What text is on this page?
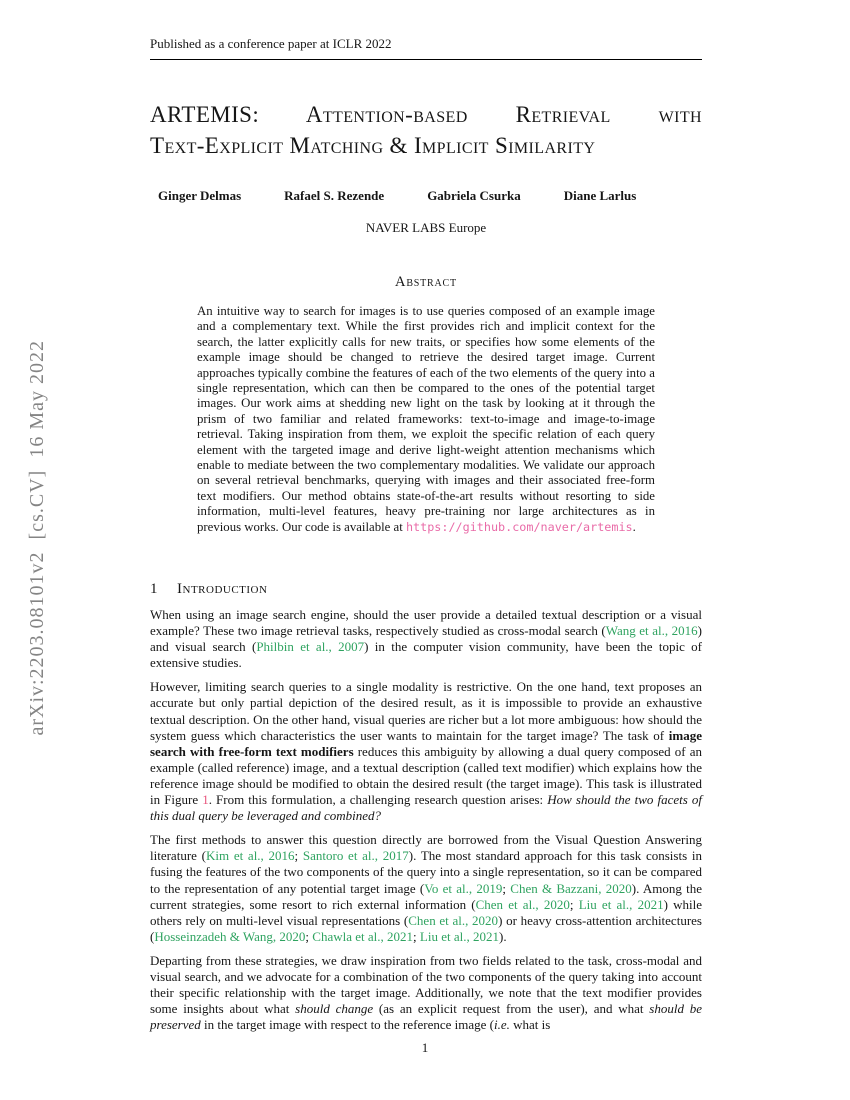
Published as a conference paper at ICLR 2022
arXiv:2203.08101v2  [cs.CV]  16 May 2022
ARTEMIS: Attention-based Retrieval with
Text-Explicit Matching & Implicit Similarity
Ginger Delmas	Rafael S. Rezende	Gabriela Csurka	Diane Larlus
NAVER LABS Europe
Abstract

An intuitive way to search for images is to use queries composed of an example image and a complementary text. While the first provides rich and implicit context for the search, the latter explicitly calls for new traits, or specifies how some elements of the example image should be changed to retrieve the desired target image. Current approaches typically combine the features of each of the two elements of the query into a single representation, which can then be compared to the ones of the potential target images. Our work aims at shedding new light on the task by looking at it through the prism of two familiar and related frameworks: text-to-image and image-to-image retrieval. Taking inspiration from them, we exploit the specific relation of each query element with the targeted image and derive light-weight attention mechanisms which enable to mediate between the two complementary modalities. We validate our approach on several retrieval benchmarks, querying with images and their associated free-form text modifiers. Our method obtains state-of-the-art results without resorting to side information, multi-level features, heavy pre-training nor large architectures as in previous works. Our code is available at https://github.com/naver/artemis.

1 Introduction

When using an image search engine, should the user provide a detailed textual description or a visual example? These two image retrieval tasks, respectively studied as cross-modal search (Wang et al., 2016) and visual search (Philbin et al., 2007) in the computer vision community, have been the topic of extensive studies.

However, limiting search queries to a single modality is restrictive. On the one hand, text proposes an accurate but only partial depiction of the desired result, as it is impossible to provide an exhaustive textual description. On the other hand, visual queries are richer but a lot more ambiguous: how should the system guess which characteristics the user wants to maintain for the target image? The task of image search with free-form text modifiers reduces this ambiguity by allowing a dual query composed of an example (called reference) image, and a textual description (called text modifier) which explains how the reference image should be modified to obtain the desired result (the target image). This task is illustrated in Figure 1. From this formulation, a challenging research question arises: How should the two facets of this dual query be leveraged and combined?

The first methods to answer this question directly are borrowed from the Visual Question Answering literature (Kim et al., 2016; Santoro et al., 2017). The most standard approach for this task consists in fusing the features of the two components of the query into a single representation, so it can be compared to the representation of any potential target image (Vo et al., 2019; Chen & Bazzani, 2020). Among the current strategies, some resort to rich external information (Chen et al., 2020; Liu et al., 2021) while others rely on multi-level visual representations (Chen et al., 2020) or heavy cross-attention architectures (Hosseinzadeh & Wang, 2020; Chawla et al., 2021; Liu et al., 2021).

Departing from these strategies, we draw inspiration from two fields related to the task, cross-modal and visual search, and we advocate for a combination of the two components of the query taking into account their specific relationship with the target image. Additionally, we note that the text modifier provides some insights about what should change (as an explicit request from the user), and what should be preserved in the target image with respect to the reference image (i.e. what is

1
